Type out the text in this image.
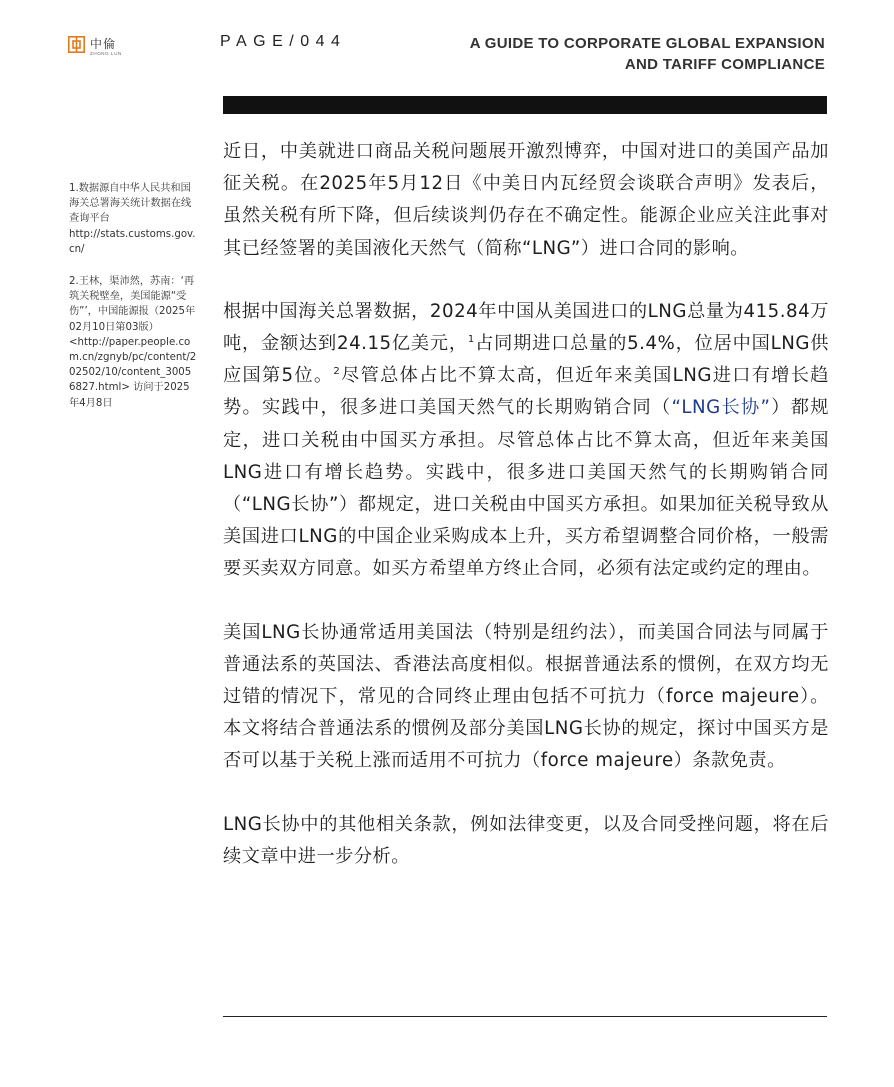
中倫
ZHONG LUN
PAGE/044	A GUIDE TO CORPORATE GLOBAL EXPANSION
AND TARIFF COMPLIANCE

1.数据源自中华人民共和国海关总署海关统计数据在线查询平台
http://stats.customs.gov.cn/

2.王林，渠沛然，苏南：‘再筑关税壁垒，美国能源“受伤”’，中国能源报（2025年02月10日第03版）
<http://paper.people.com.cn/zgnyb/pc/content/202502/10/content_30056827.html> 访问于2025年4月8日

近日，中美就进口商品关税问题展开激烈博弈，中国对进口的美国产品加征关税。在2025年5月12日《中美日内瓦经贸会谈联合声明》发表后，虽然关税有所下降，但后续谈判仍存在不确定性。能源企业应关注此事对其已经签署的美国液化天然气（简称“LNG”）进口合同的影响。

根据中国海关总署数据，2024年中国从美国进口的LNG总量为415.84万吨，金额达到24.15亿美元，$^1$占同期进口总量的5.4%，位居中国LNG供应国第5位。$^2$尽管总体占比不算太高，但近年来美国LNG进口有增长趋势。实践中，很多进口美国天然气的长期购销合同（“LNG长协”）都规定，进口关税由中国买方承担。尽管总体占比不算太高，但近年来美国LNG进口有增长趋势。实践中，很多进口美国天然气的长期购销合同（“LNG长协”）都规定，进口关税由中国买方承担。如果加征关税导致从美国进口LNG的中国企业采购成本上升，买方希望调整合同价格，一般需要买卖双方同意。如买方希望单方终止合同，必须有法定或约定的理由。

美国LNG长协通常适用美国法（特别是纽约法），而美国合同法与同属于普通法系的英国法、香港法高度相似。根据普通法系的惯例，在双方均无过错的情况下，常见的合同终止理由包括不可抗力（force majeure）。本文将结合普通法系的惯例及部分美国LNG长协的规定，探讨中国买方是否可以基于关税上涨而适用不可抗力（force majeure）条款免责。

LNG长协中的其他相关条款，例如法律变更，以及合同受挫问题，将在后续文章中进一步分析。
